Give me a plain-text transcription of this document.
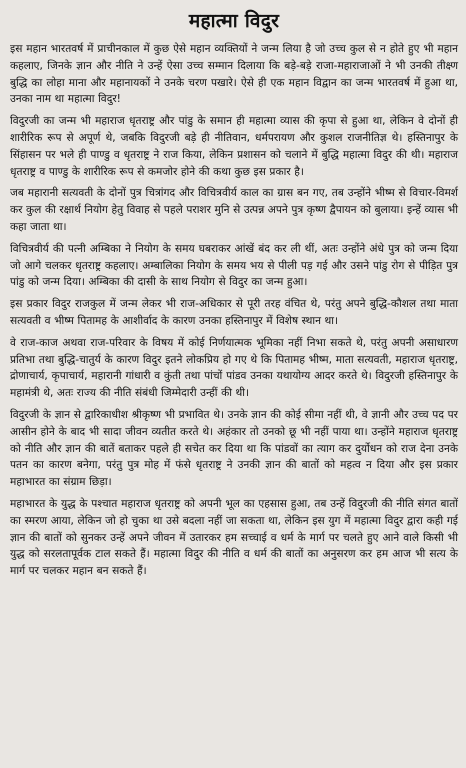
महात्मा विदुर

इस महान भारतवर्ष में प्राचीनकाल में कुछ ऐसे महान व्यक्तियों ने जन्म लिया है जो उच्च कुल से न होते हुए भी महान कहलाए, जिनके ज्ञान और नीति ने उन्हें ऐसा उच्च सम्मान दिलाया कि बड़े-बड़े राजा-महाराजाओं ने भी उनकी तीक्ष्ण बुद्धि का लोहा माना और महानायकों ने उनके चरण पखारे। ऐसे ही एक महान विद्वान का जन्म भारतवर्ष में हुआ था, उनका नाम था महात्मा विदुर!

विदुरजी का जन्म भी महाराज धृतराष्ट्र और पांडु के समान ही महात्मा व्यास की कृपा से हुआ था, लेकिन वे दोनों ही शारीरिक रूप से अपूर्ण थे, जबकि विदुरजी बड़े ही नीतिवान, धर्मपरायण और कुशल राजनीतिज्ञ थे। हस्तिनापुर के सिंहासन पर भले ही पाण्डु व धृतराष्ट्र ने राज किया, लेकिन प्रशासन को चलाने में बुद्धि महात्मा विदुर की थी। महाराज धृतराष्ट्र व पाण्डु के शारीरिक रूप से कमजोर होने की कथा कुछ इस प्रकार है।

जब महारानी सत्यवती के दोनों पुत्र चित्रांगद और विचित्रवीर्य काल का ग्रास बन गए, तब उन्होंने भीष्म से विचार-विमर्श कर कुल की रक्षार्थ नियोग हेतु विवाह से पहले पराशर मुनि से उत्पन्न अपने पुत्र कृष्ण द्वैपायन को बुलाया। इन्हें व्यास भी कहा जाता था।

विचित्रवीर्य की पत्नी अम्बिका ने नियोग के समय घबराकर आंखें बंद कर ली थीं, अतः उन्होंने अंधे पुत्र को जन्म दिया जो आगे चलकर धृतराष्ट्र कहलाए। अम्बालिका नियोग के समय भय से पीली पड़ गई और उसने पांडु रोग से पीड़ित पुत्र पांडु को जन्म दिया। अम्बिका की दासी के साथ नियोग से विदुर का जन्म हुआ।

इस प्रकार विदुर राजकुल में जन्म लेकर भी राज-अधिकार से पूरी तरह वंचित थे, परंतु अपने बुद्धि-कौशल तथा माता सत्यवती व भीष्म पितामह के आशीर्वाद के कारण उनका हस्तिनापुर में विशेष स्थान था।

वे राज-काज अथवा राज-परिवार के विषय में कोई निर्णयात्मक भूमिका नहीं निभा सकते थे, परंतु अपनी असाधारण प्रतिभा तथा बुद्धि-चातुर्य के कारण विदुर इतने लोकप्रिय हो गए थे कि पितामह भीष्म, माता सत्यवती, महाराज धृतराष्ट्र, द्रोणाचार्य, कृपाचार्य, महारानी गांधारी व कुंती तथा पांचों पांडव उनका यथायोग्य आदर करते थे। विदुरजी हस्तिनापुर के महामंत्री थे, अतः राज्य की नीति संबंधी जिम्मेदारी उन्हीं की थी।

विदुरजी के ज्ञान से द्वारिकाधीश श्रीकृष्ण भी प्रभावित थे। उनके ज्ञान की कोई सीमा नहीं थी, वे ज्ञानी और उच्च पद पर आसीन होने के बाद भी सादा जीवन व्यतीत करते थे। अहंकार तो उनको छू भी नहीं पाया था। उन्होंने महाराज धृतराष्ट्र को नीति और ज्ञान की बातें बताकर पहले ही सचेत कर दिया था कि पांडवों का त्याग कर दुर्योधन को राज देना उनके पतन का कारण बनेगा, परंतु पुत्र मोह में फंसे धृतराष्ट्र ने उनकी ज्ञान की बातों को महत्व न दिया और इस प्रकार महाभारत का संग्राम छिड़ा।

महाभारत के युद्ध के पश्चात महाराज धृतराष्ट्र को अपनी भूल का एहसास हुआ, तब उन्हें विदुरजी की नीति संगत बातों का स्मरण आया, लेकिन जो हो चुका था उसे बदला नहीं जा सकता था, लेकिन इस युग में महात्मा विदुर द्वारा कही गई ज्ञान की बातों को सुनकर उन्हें अपने जीवन में उतारकर हम सच्चाई व धर्म के मार्ग पर चलते हुए आने वाले किसी भी युद्ध को सरलतापूर्वक टाल सकते हैं। महात्मा विदुर की नीति व धर्म की बातों का अनुसरण कर हम आज भी सत्य के मार्ग पर चलकर महान बन सकते हैं।
